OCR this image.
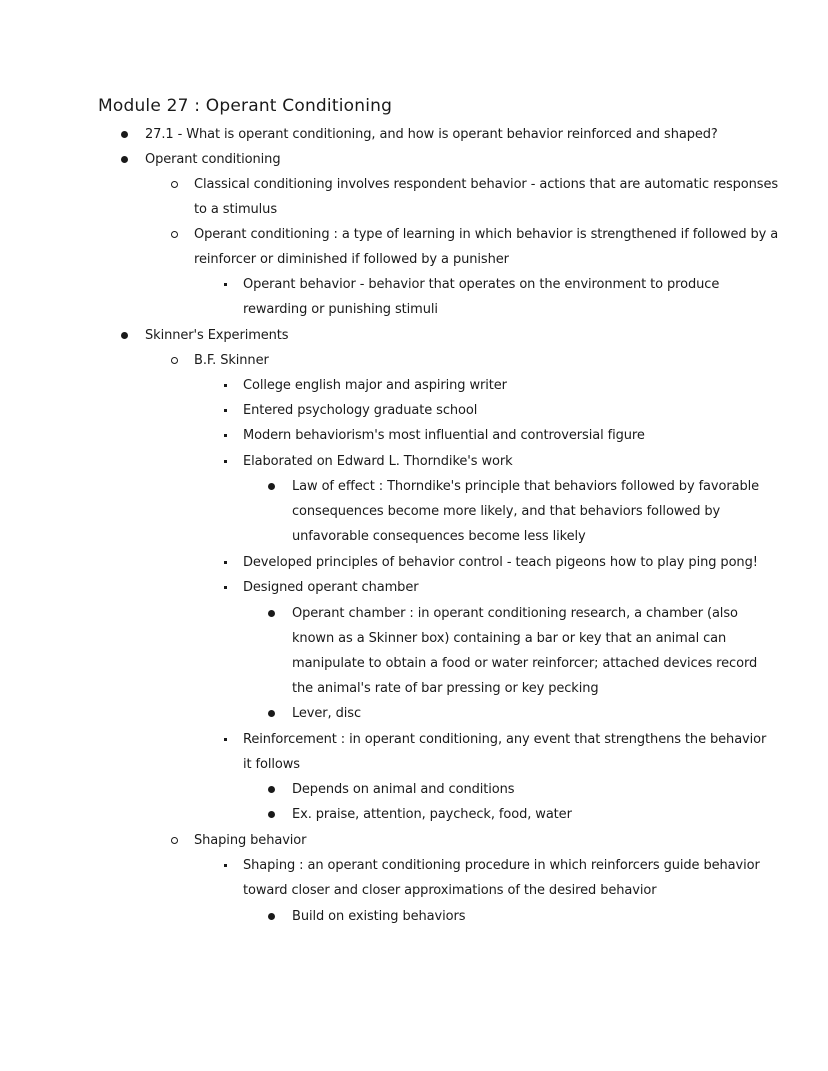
Module 27 : Operant Conditioning
27.1 - What is operant conditioning, and how is operant behavior reinforced and shaped?
Operant conditioning
Classical conditioning involves respondent behavior - actions that are automatic responses
to a stimulus
Operant conditioning : a type of learning in which behavior is strengthened if followed by a
reinforcer or diminished if followed by a punisher
Operant behavior - behavior that operates on the environment to produce
rewarding or punishing stimuli
Skinner's Experiments
B.F. Skinner
College english major and aspiring writer
Entered psychology graduate school
Modern behaviorism's most influential and controversial figure
Elaborated on Edward L. Thorndike's work
Law of effect : Thorndike's principle that behaviors followed by favorable
consequences become more likely, and that behaviors followed by
unfavorable consequences become less likely
Developed principles of behavior control - teach pigeons how to play ping pong!
Designed operant chamber
Operant chamber : in operant conditioning research, a chamber (also
known as a Skinner box) containing a bar or key that an animal can
manipulate to obtain a food or water reinforcer; attached devices record
the animal's rate of bar pressing or key pecking
Lever, disc
Reinforcement : in operant conditioning, any event that strengthens the behavior
it follows
Depends on animal and conditions
Ex. praise, attention, paycheck, food, water
Shaping behavior
Shaping : an operant conditioning procedure in which reinforcers guide behavior
toward closer and closer approximations of the desired behavior
Build on existing behaviors
